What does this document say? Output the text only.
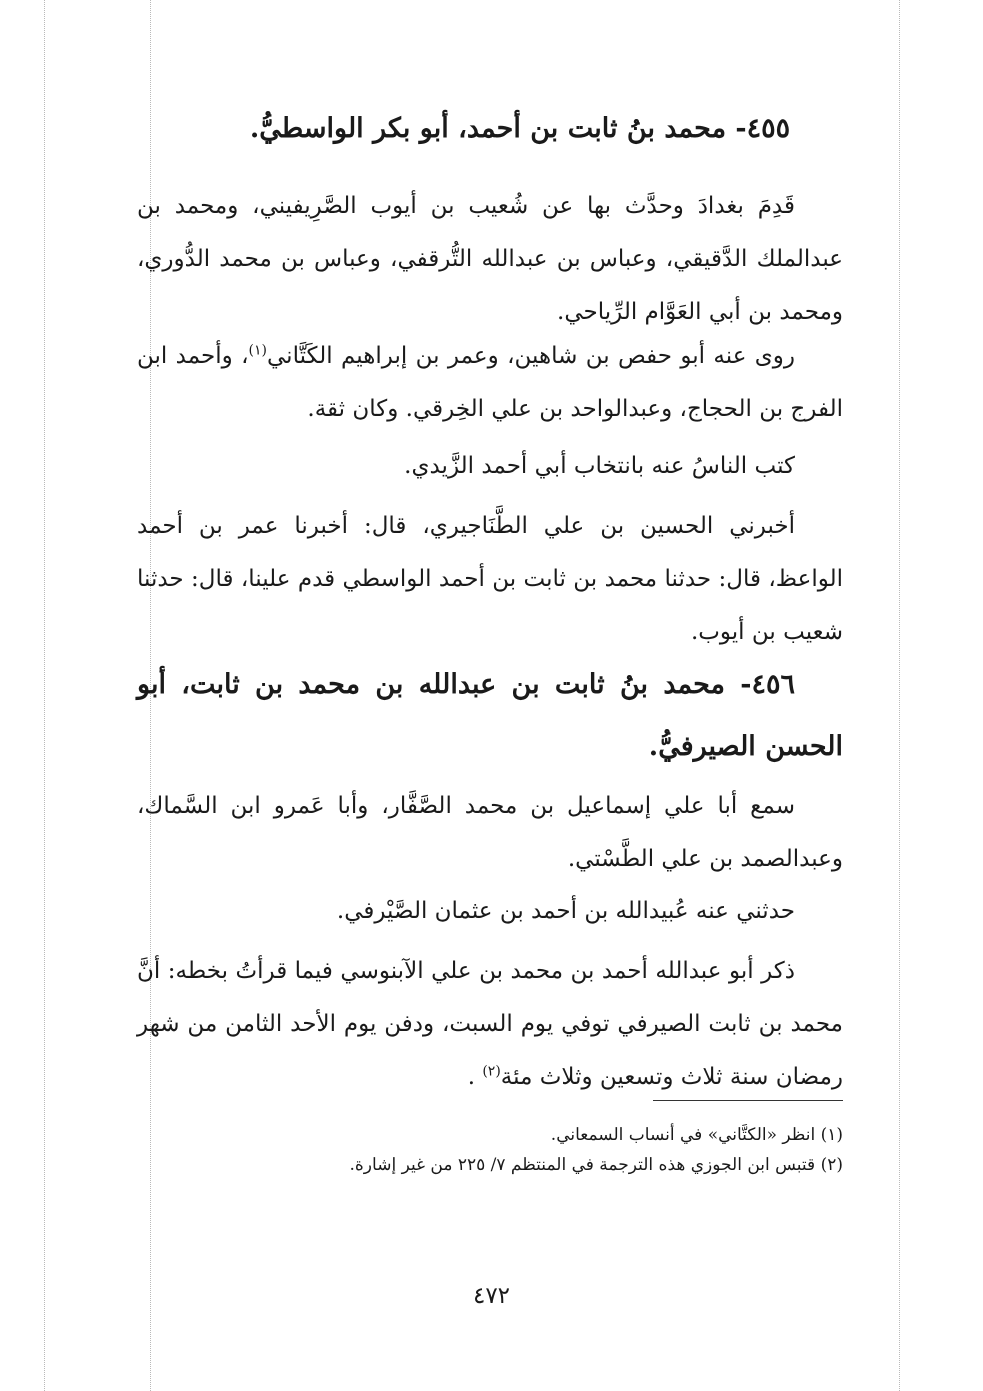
٤٥٥- محمد بنُ ثابت بن أحمد، أبو بكر الواسطيُّ.

قَدِمَ بغدادَ وحدَّث بها عن شُعيب بن أيوب الصَّرِيفيني، ومحمد بن عبدالملك الدَّقيقي، وعباس بن عبدالله التُّرقفي، وعباس بن محمد الدُّوري، ومحمد بن أبي العَوَّام الرِّياحي.

روى عنه أبو حفص بن شاهين، وعمر بن إبراهيم الكَتَّاني$^{(١)}$، وأحمد ابن الفرج بن الحجاج، وعبدالواحد بن علي الخِرقي. وكان ثقة.

كتب الناسُ عنه بانتخاب أبي أحمد الزَّيدي.

أخبرني الحسين بن علي الطَّنَاجيري، قال: أخبرنا عمر بن أحمد الواعظ، قال: حدثنا محمد بن ثابت بن أحمد الواسطي قدم علينا، قال: حدثنا شعيب بن أيوب.

٤٥٦- محمد بنُ ثابت بن عبدالله بن محمد بن ثابت، أبو الحسن الصيرفيُّ.

سمع أبا علي إسماعيل بن محمد الصَّفَّار، وأبا عَمرو ابن السَّماك، وعبدالصمد بن علي الطَّسْتي.

حدثني عنه عُبيدالله بن أحمد بن عثمان الصَّيْرفي.

ذكر أبو عبدالله أحمد بن محمد بن علي الآبنوسي فيما قرأتُ بخطه: أنَّ محمد بن ثابت الصيرفي توفي يوم السبت، ودفن يوم الأحد الثامن من شهر رمضان سنة ثلاث وتسعين وثلاث مئة$^{(٢)}$ .

(١) انظر «الكتَّاني» في أنساب السمعاني.
(٢) قتبس ابن الجوزي هذه الترجمة في المنتظم ٧/ ٢٢٥ من غير إشارة.
٤٧٢
